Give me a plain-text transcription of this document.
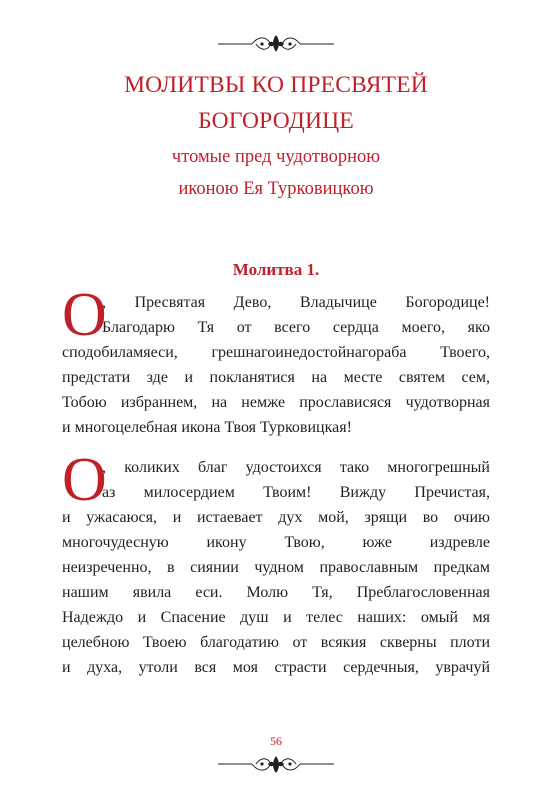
МОЛИТВЫ КО ПРЕСВЯТЕЙ
БОГОРОДИЦЕ
чтомые пред чудотворною
иконою Ея Турковицкою
Молитва 1.
О
, Пресвятая Дево, Владычице Богородице!
Благодарю Тя от всего сердца моего, яко
сподобиламяеси, грешнагоинедостойнагораба Твоего,
предстати зде и покланятися на месте святем сем,
Тобою избраннем, на немже прослависяся чудотворная
и многоцелебная икона Твоя Турковицкая!
О
, коликих благ удостоихся тако многогрешный
аз милосердием Твоим! Вижду Пречистая,
и ужасаюся, и истаевает дух мой, зрящи во очию
многочудесную икону Твою, юже издревле
неизреченно, в сиянии чудном православным предкам
нашим явила еси. Молю Тя, Преблагословенная
Надеждо и Спасение душ и телес наших: омый мя
целебною Твоею благодатию от всякия скверны плоти
и духа, утоли вся моя страсти сердечныя, уврачуй
56
